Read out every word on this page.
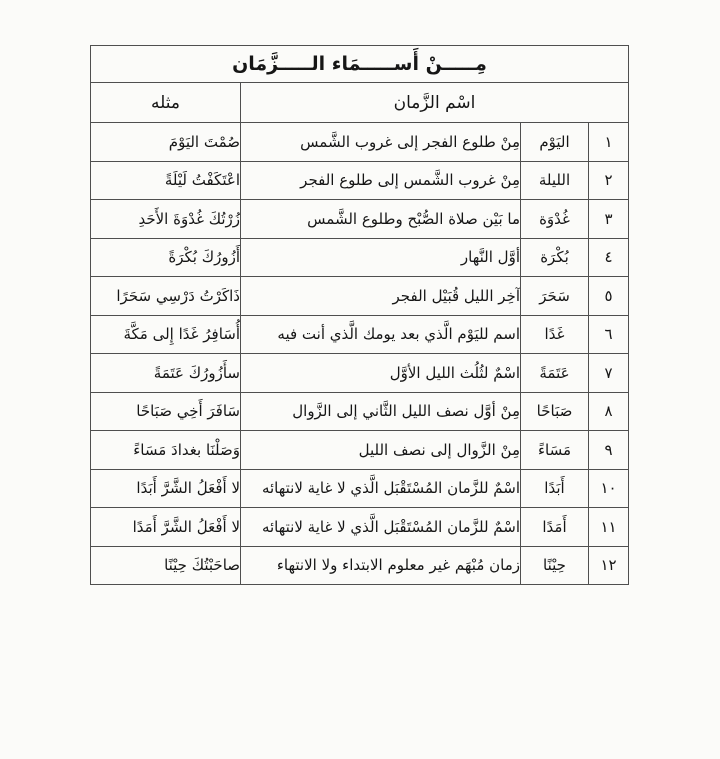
مِـــــنْ أَســـــمَاء الـــــزَّمَان			
اسْم الزَّمان			مثله
١	اليَوْم	مِنْ طلوع الفجر إلى غروب الشَّمس	صُمْتَ اليَوْمَ
٢	الليلة	مِنْ غروب الشَّمس إلى طلوع الفجر	اعْتَكَفْتُ لَيْلَةً
٣	غُدْوَة	ما بَيْن صلاة الصُّبْح وطلوع الشَّمس	زُرْتُكَ غُدْوَةَ الأَحَدِ
٤	بُكْرَة	أوَّل النَّهار	أَزُورُكَ بُكْرَةً
٥	سَحَرَ	آخِر الليل قُبَيْل الفجر	ذَاكَرْتُ دَرْسِي سَحَرًا
٦	غَدًا	اسم لليَوْم الَّذي بعد يومك الَّذي أنت فيه	أُسَافِرُ غَدًا إِلى مَكَّةَ
٧	عَتَمَةً	اسْمٌ لثُلُث الليل الأوَّل	سأَزُورُكَ عَتَمَةً
٨	صَبَاحًا	مِنْ أوَّل نصف الليل الثَّاني إلى الزَّوال	سَافَرَ أَخِي صَبَاحًا
٩	مَسَاءً	مِنْ الزَّوال إلى نصف الليل	وَصَلْنَا بغدادَ مَسَاءً
١٠	أَبَدًا	اسْمٌ للزَّمان المُسْتَقْبَل الَّذي لا غاية لانتهائه	لا أَفْعَلُ الشَّرَّ أَبَدًا
١١	أَمَدًا	اسْمٌ للزَّمان المُسْتَقْبَل الَّذي لا غاية لانتهائه	لا أَفْعَلُ الشَّرَّ أَمَدًا
١٢	حِيْنًا	زمان مُبْهَم غير معلوم الابتداء ولا الانتهاء	صاحَبْتُكَ حِيْنًا
